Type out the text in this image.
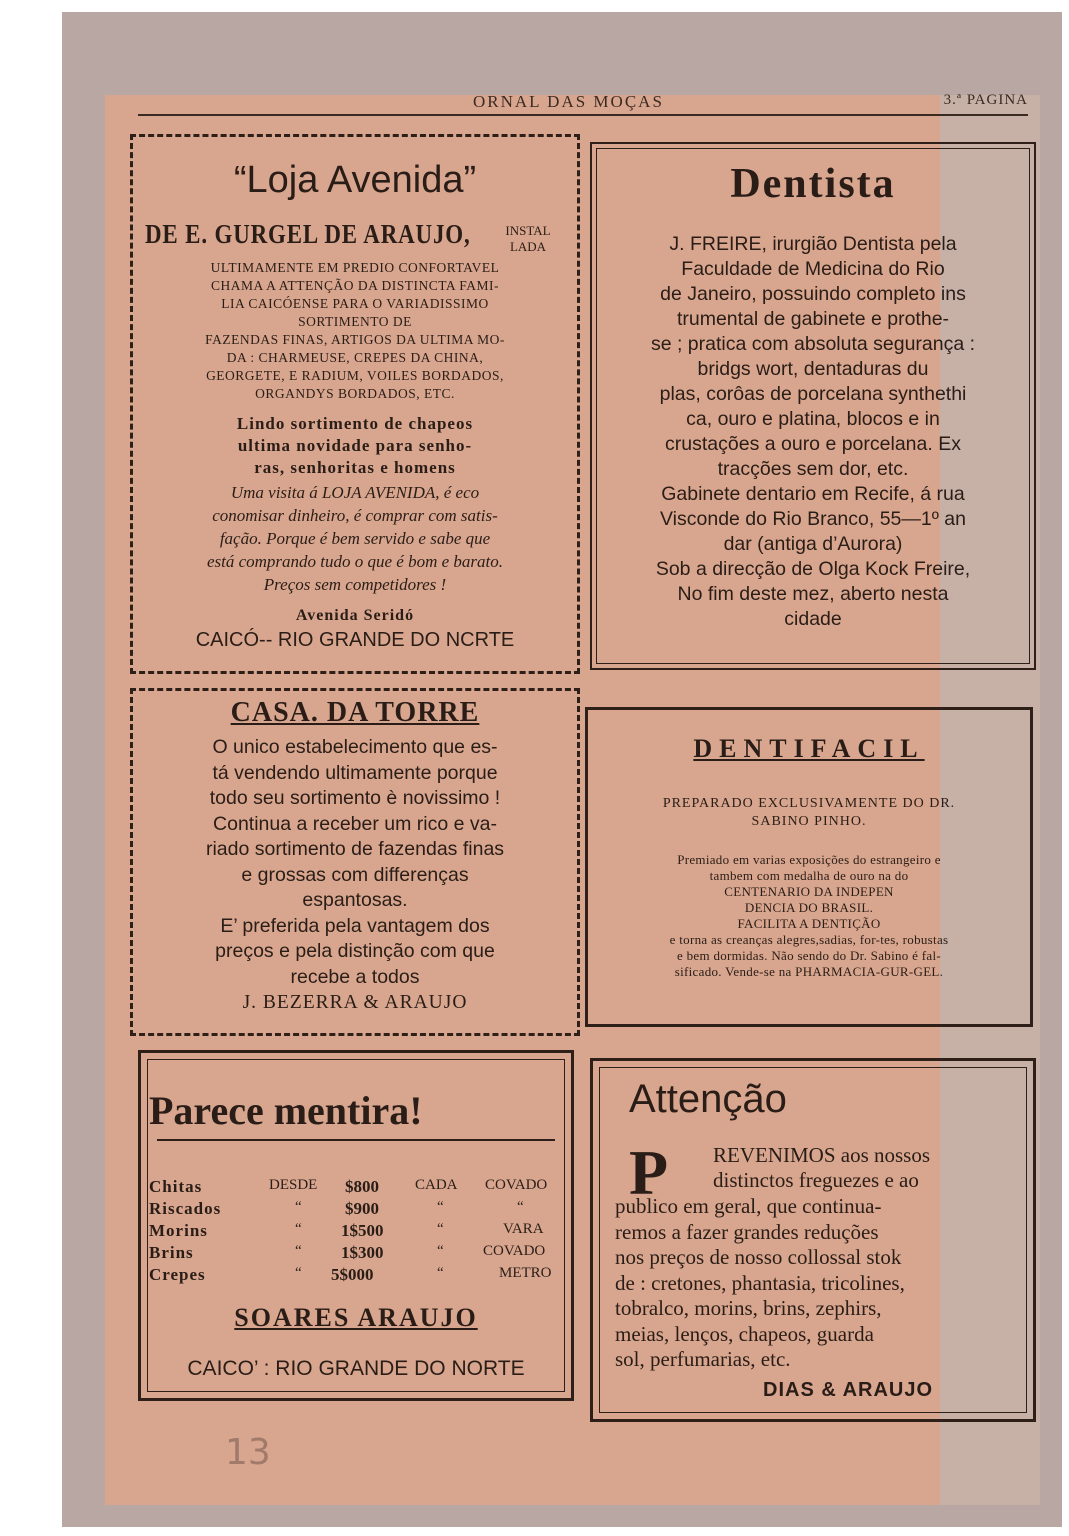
ORNAL DAS MOÇAS	3.ª PAGINA
“Loja Avenida”
DE E. GURGEL DE ARAUJO,	INSTAL
LADA
ULTIMAMENTE EM PREDIO CONFORTAVEL
CHAMA A ATTENÇÃO DA DISTINCTA FAMI-
LIA CAICÓENSE PARA O VARIADISSIMO
SORTIMENTO DE
FAZENDAS FINAS, ARTIGOS DA ULTIMA MO-
DA : CHARMEUSE, CREPES DA CHINA,
GEORGETE, E RADIUM, VOILES BORDADOS,
ORGANDYS BORDADOS, ETC.
Lindo sortimento de chapeos
ultima novidade para senho-
ras, senhoritas e homens
Uma visita á LOJA AVENIDA, é eco
conomisar dinheiro, é comprar com satis-
fação. Porque é bem servido e sabe que
está comprando tudo o que é bom e barato.
Preços sem competidores !
Avenida Seridó
CAICÓ-- RIO GRANDE DO NCRTE
Dentista
J. FREIRE, irurgião Dentista pela
Faculdade de Medicina do Rio
de Janeiro, possuindo completo ins
trumental de gabinete e prothe-
se ; pratica com absoluta segurança :
bridgs wort, dentaduras du
plas, corôas de porcelana synthethi
ca, ouro e platina, blocos e in
crustações a ouro e porcelana. Ex
tracções sem dor, etc.
Gabinete dentario em Recife, á rua
Visconde do Rio Branco, 55—1º an
dar (antiga d’Aurora)
Sob a direcção de Olga Kock Freire,
No fim deste mez, aberto nesta
cidade
CASA. DA TORRE
O unico estabelecimento que es-
tá vendendo ultimamente porque
todo seu sortimento è novissimo !
Continua a receber um rico e va-
riado sortimento de fazendas finas
e grossas com differenças
espantosas.
E’ preferida pela vantagem dos
preços e pela distinção com que
recebe a todos
J. BEZERRA & ARAUJO
DENTIFACIL
PREPARADO EXCLUSIVAMENTE DO DR.
SABINO PINHO.
Premiado em varias exposições do estrangeiro e
tambem com medalha de ouro na do
CENTENARIO DA INDEPEN
DENCIA DO BRASIL.
FACILITA A DENTIÇÃO
e torna as creanças alegres,sadias, for-tes, robustas
e bem dormidas. Não sendo do Dr. Sabino é fal-
sificado. Vende-se na PHARMACIA-GUR-GEL.
Parece mentira!
Chitas	DESDE $800 CADA COVADO
Riscados	“	$900	“	“
Morins	“ 1$500	“	VARA
Brins	“ 1$300	“	COVADO
Crepes	“ 5$000	“	METRO
SOARES ARAUJO
CAICO’ : RIO GRANDE DO NORTE
Attenção
P REVENIMOS aos nossos
distinctos freguezes e ao
publico em geral, que continua-
remos a fazer grandes reduções
nos preços de nosso collossal stok
de : cretones, phantasia, tricolines,
tobralco, morins, brins, zephirs,
meias, lenços, chapeos, guarda
sol, perfumarias, etc.
DIAS & ARAUJO
13
